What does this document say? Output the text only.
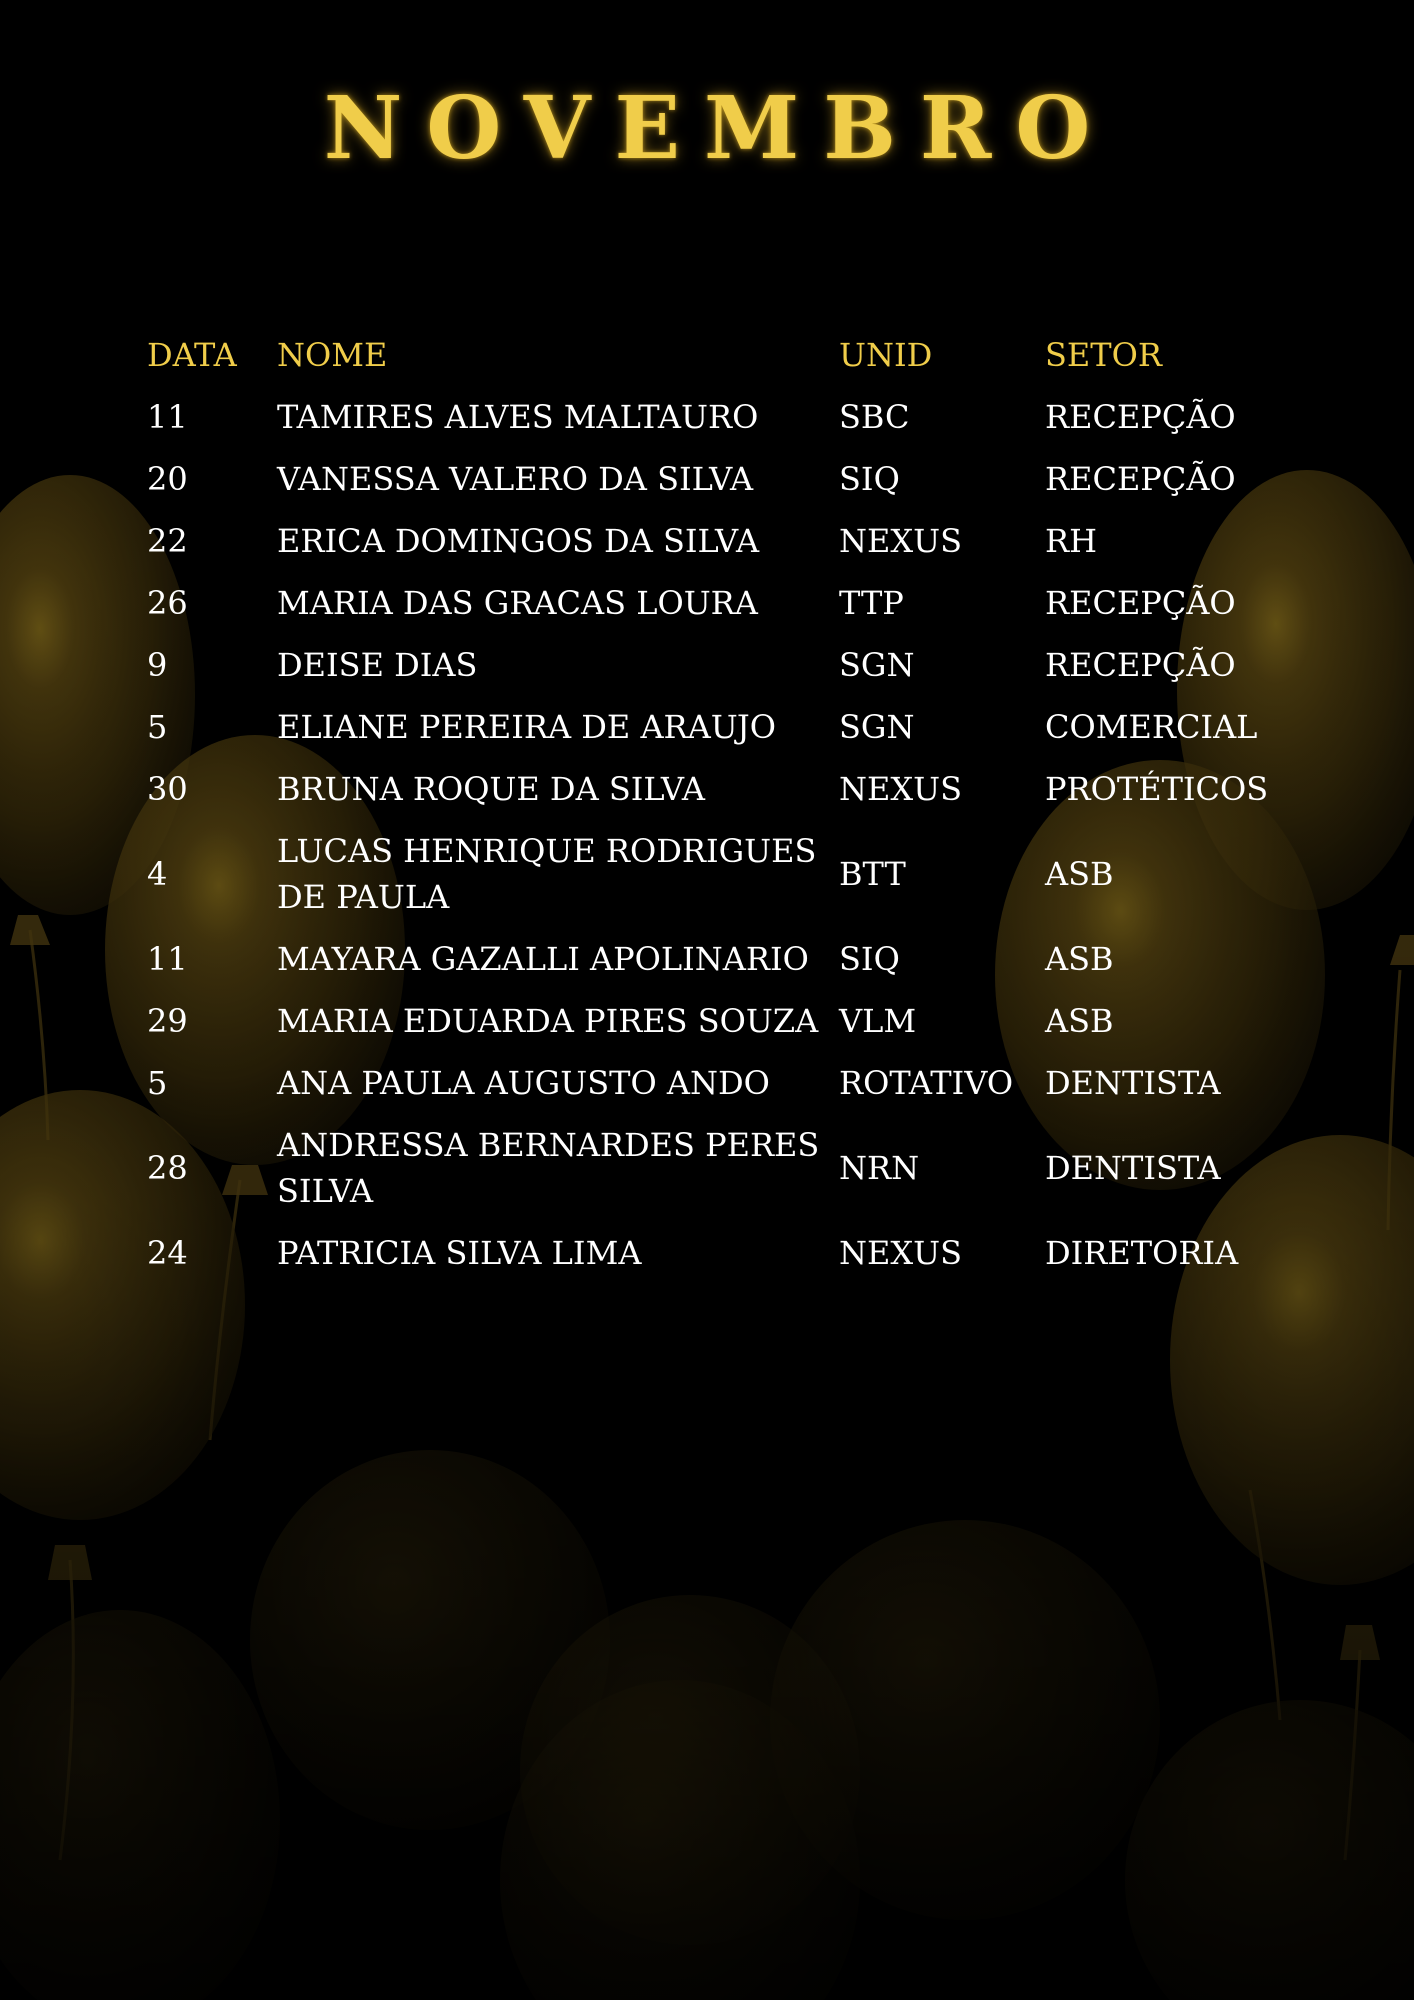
NOVEMBRO
DATA	NOME	UNID	SETOR
11	TAMIRES ALVES MALTAURO	SBC	RECEPÇÃO
20	VANESSA VALERO DA SILVA	SIQ	RECEPÇÃO
22	ERICA DOMINGOS DA SILVA	NEXUS	RH
26	MARIA DAS GRACAS LOURA	TTP	RECEPÇÃO
9	DEISE DIAS	SGN	RECEPÇÃO
5	ELIANE PEREIRA DE ARAUJO	SGN	COMERCIAL
30	BRUNA ROQUE DA SILVA	NEXUS	PROTÉTICOS
4	LUCAS HENRIQUE RODRIGUES DE PAULA	BTT	ASB
11	MAYARA GAZALLI APOLINARIO	SIQ	ASB
29	MARIA EDUARDA PIRES SOUZA	VLM	ASB
5	ANA PAULA AUGUSTO ANDO	ROTATIVO	DENTISTA
28	ANDRESSA BERNARDES PERES SILVA	NRN	DENTISTA
24	PATRICIA SILVA LIMA	NEXUS	DIRETORIA
